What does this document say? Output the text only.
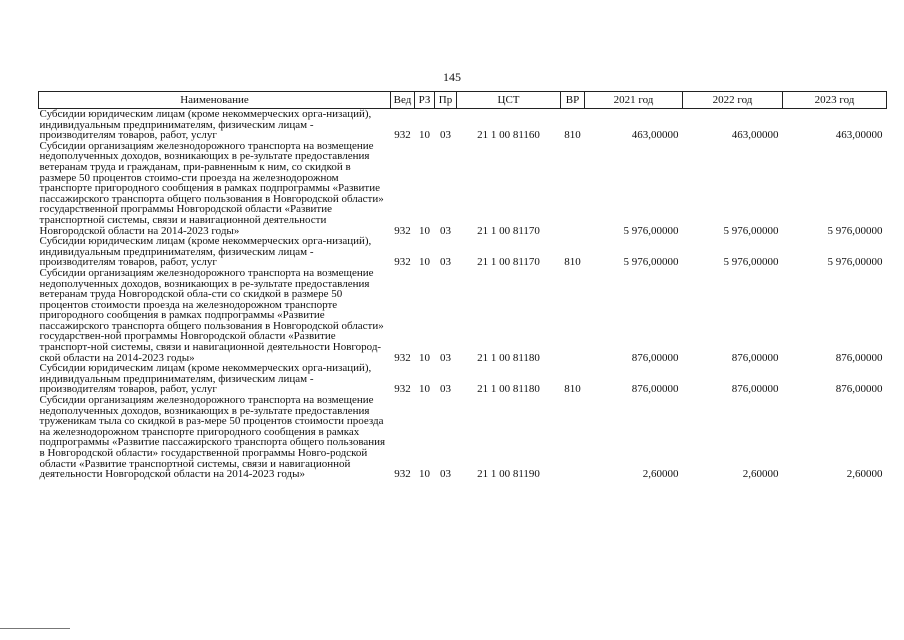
145
Наименование	Вед	РЗ	Пр	ЦСТ	ВР	2021 год	2022 год	2023 год
Субсидии юридическим лицам (кроме некоммерческих орга-низаций), индивидуальным предпринимателям, физическим лицам - производителям товаров, работ, услуг	932	10	03	21 1 00 81160	810	463,00000	463,00000	463,00000
Субсидии организациям железнодорожного транспорта на возмещение недополученных доходов, возникающих в ре-зультате предоставления ветеранам труда и гражданам, при-равненным к ним, со скидкой в размере 50 процентов стоимо-сти проезда на железнодорожном транспорте пригородного сообщения в рамках подпрограммы «Развитие пассажирского транспорта общего пользования в Новгородской области» государственной программы Новгородской области «Развитие транспортной системы, связи и навигационной деятельности Новгородской области на 2014-2023 годы»	932	10	03	21 1 00 81170		5 976,00000	5 976,00000	5 976,00000
Субсидии юридическим лицам (кроме некоммерческих орга-низаций), индивидуальным предпринимателям, физическим лицам - производителям товаров, работ, услуг	932	10	03	21 1 00 81170	810	5 976,00000	5 976,00000	5 976,00000
Субсидии организациям железнодорожного транспорта на возмещение недополученных доходов, возникающих в ре-зультате предоставления ветеранам труда Новгородской обла-сти со скидкой в размере 50 процентов стоимости проезда на железнодорожном транспорте пригородного сообщения в рамках подпрограммы «Развитие пассажирского транспорта общего пользования в Новгородской области» государствен-ной программы Новгородской области «Развитие транспорт-ной системы, связи и навигационной деятельности Новгород-ской области на 2014-2023 годы»	932	10	03	21 1 00 81180		876,00000	876,00000	876,00000
Субсидии юридическим лицам (кроме некоммерческих орга-низаций), индивидуальным предпринимателям, физическим лицам - производителям товаров, работ, услуг	932	10	03	21 1 00 81180	810	876,00000	876,00000	876,00000
Субсидии организациям железнодорожного транспорта на возмещение недополученных доходов, возникающих в ре-зультате предоставления труженикам тыла со скидкой в раз-мере 50 процентов стоимости проезда на железнодорожном транспорте пригородного сообщения в рамках подпрограммы «Развитие пассажирского транспорта общего пользования в Новгородской области» государственной программы Новго-родской области «Развитие транспортной системы, связи и навигационной деятельности Новгородской области на 2014-2023 годы»	932	10	03	21 1 00 81190		2,60000	2,60000	2,60000
